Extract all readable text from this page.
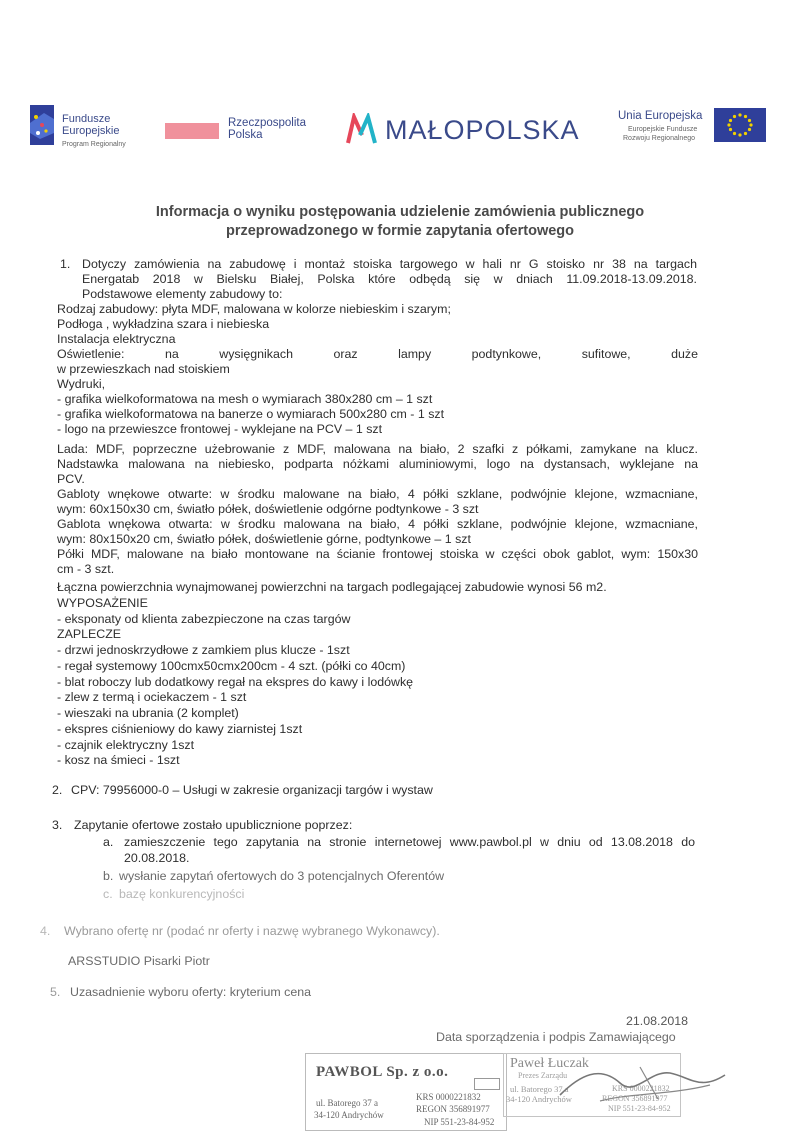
Fundusze
Europejskie
Program Regionalny
Rzeczpospolita
Polska	MAŁOPOLSKA	Unia Europejska
Europejskie Fundusze
Rozwoju Regionalnego
Informacja o wyniku postępowania udzielenie zamówienia publicznego
przeprowadzonego w formie zapytania ofertowego
1. Dotyczy zamówienia na zabudowę i montaż stoiska targowego w hali nr G stoisko nr 38 na targach
Energatab 2018 w Bielsku Białej, Polska które odbędą się w dniach 11.09.2018-13.09.2018.
Podstawowe elementy zabudowy to:
Rodzaj zabudowy: płyta MDF, malowana w kolorze niebieskim i szarym;
Podłoga , wykładzina szara i niebieska
Instalacja elektryczna
Oświetlenie: na wysięgnikach oraz lampy podtynkowe, sufitowe, duże
w przewieszkach nad stoiskiem
Wydruki,
- grafika wielkoformatowa na mesh o wymiarach 380x280 cm – 1 szt
- grafika wielkoformatowa na banerze o wymiarach 500x280 cm - 1 szt
- logo na przewieszce frontowej - wyklejane na PCV – 1 szt
Lada: MDF, poprzeczne użebrowanie z MDF, malowana na biało, 2 szafki z półkami, zamykane na klucz.
Nadstawka malowana na niebiesko, podparta nóżkami aluminiowymi, logo na dystansach, wyklejane na
PCV.
Gabloty wnękowe otwarte: w środku malowane na biało, 4 półki szklane, podwójnie klejone, wzmacniane,
wym: 60x150x30 cm, światło półek, doświetlenie odgórne podtynkowe - 3 szt
Gablota wnękowa otwarta: w środku malowana na biało, 4 półki szklane, podwójnie klejone, wzmacniane,
wym: 80x150x20 cm, światło półek, doświetlenie górne, podtynkowe – 1 szt
Półki MDF, malowane na biało montowane na ścianie frontowej stoiska w części obok gablot, wym: 150x30
cm - 3 szt.
Łączna powierzchnia wynajmowanej powierzchni na targach podlegającej zabudowie wynosi 56 m2.
WYPOSAŻENIE
- eksponaty od klienta zabezpieczone na czas targów
ZAPLECZE
- drzwi jednoskrzydłowe z zamkiem plus klucze - 1szt
- regał systemowy 100cmx50cmx200cm - 4 szt. (półki co 40cm)
- blat roboczy lub dodatkowy regał na ekspres do kawy i lodówkę
- zlew z termą i ociekaczem - 1 szt
- wieszaki na ubrania (2 komplet)
- ekspres ciśnieniowy do kawy ziarnistej 1szt
- czajnik elektryczny 1szt
- kosz na śmieci - 1szt
2. CPV: 79956000-0 – Usługi w zakresie organizacji targów i wystaw
3. Zapytanie ofertowe zostało upublicznione poprzez:
a. zamieszczenie tego zapytania na stronie internetowej www.pawbol.pl w dniu od 13.08.2018 do
20.08.2018.
b. wysłanie zapytań ofertowych do 3 potencjalnych Oferentów
c. bazę konkurencyjności
4. Wybrano ofertę nr (podać nr oferty i nazwę wybranego Wykonawcy).
ARSSTUDIO Pisarki Piotr
5. Uzasadnienie wyboru oferty: kryterium cena
21.08.2018
Data sporządzenia i podpis Zamawiającego
PAWBOL Sp. z o.o.
ul. Batorego 37 a
34-120 Andrychów
KRS 0000221832
REGON 356891977
NIP 551-23-84-952
Paweł Łuczak
Prezes Zarządu
ul. Batorego 37 a
34-120 Andrychów
KRS 0000221832
REGON 356891977
NIP 551-23-84-952
